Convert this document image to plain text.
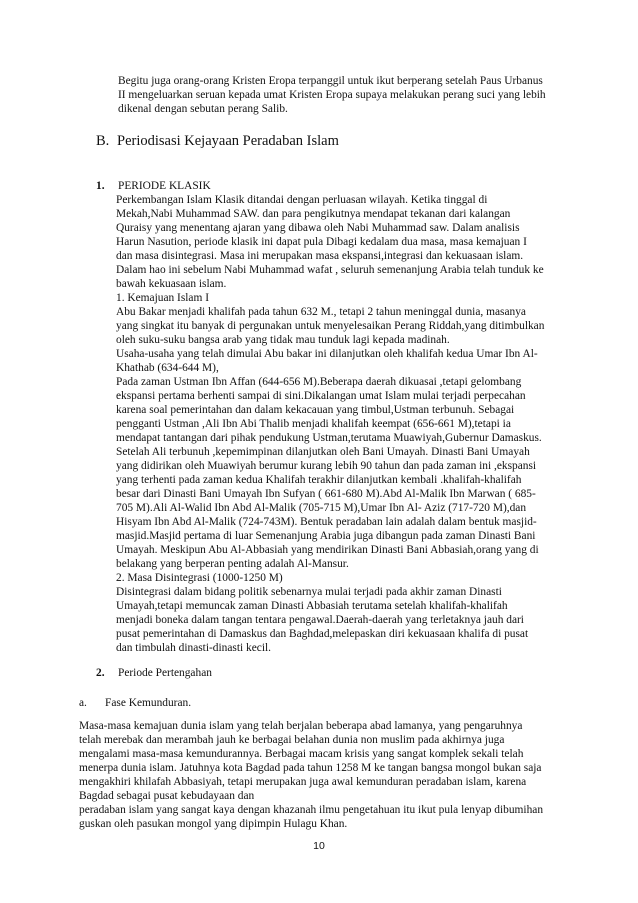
Begitu juga orang-orang Kristen Eropa terpanggil untuk ikut berperang setelah Paus Urbanus
II mengeluarkan seruan kepada umat Kristen Eropa supaya melakukan perang suci yang lebih
dikenal dengan sebutan perang Salib.
B. Periodisasi Kejayaan Peradaban Islam
1. PERIODE KLASIK
Perkembangan Islam Klasik ditandai dengan perluasan wilayah. Ketika tinggal di
Mekah,Nabi Muhammad SAW. dan para pengikutnya mendapat tekanan dari kalangan
Quraisy yang menentang ajaran yang dibawa oleh Nabi Muhammad saw. Dalam analisis
Harun Nasution, periode klasik ini dapat pula Dibagi kedalam dua masa, masa kemajuan I
dan masa disintegrasi. Masa ini merupakan masa ekspansi,integrasi dan kekuasaan islam.
Dalam hao ini sebelum Nabi Muhammad wafat , seluruh semenanjung Arabia telah tunduk ke
bawah kekuasaan islam.
1. Kemajuan Islam I
Abu Bakar menjadi khalifah pada tahun 632 M., tetapi 2 tahun meninggal dunia, masanya
yang singkat itu banyak di pergunakan untuk menyelesaikan Perang Riddah,yang ditimbulkan
oleh suku-suku bangsa arab yang tidak mau tunduk lagi kepada madinah.
Usaha-usaha yang telah dimulai Abu bakar ini dilanjutkan oleh khalifah kedua Umar Ibn Al-
Khathab (634-644 M),
Pada zaman Ustman Ibn Affan (644-656 M).Beberapa daerah dikuasai ,tetapi gelombang
ekspansi pertama berhenti sampai di sini.Dikalangan umat Islam mulai terjadi perpecahan
karena soal pemerintahan dan dalam kekacauan yang timbul,Ustman terbunuh. Sebagai
pengganti Ustman ,Ali Ibn Abi Thalib menjadi khalifah keempat (656-661 M),tetapi ia
mendapat tantangan dari pihak pendukung Ustman,terutama Muawiyah,Gubernur Damaskus.
Setelah Ali terbunuh ,kepemimpinan dilanjutkan oleh Bani Umayah. Dinasti Bani Umayah
yang didirikan oleh Muawiyah berumur kurang lebih 90 tahun dan pada zaman ini ,ekspansi
yang terhenti pada zaman kedua Khalifah terakhir dilanjutkan kembali .khalifah-khalifah
besar dari Dinasti Bani Umayah Ibn Sufyan ( 661-680 M).Abd Al-Malik Ibn Marwan ( 685-
705 M).Ali Al-Walid Ibn Abd Al-Malik (705-715 M),Umar Ibn Al- Aziz (717-720 M),dan
Hisyam Ibn Abd Al-Malik (724-743M). Bentuk peradaban lain adalah dalam bentuk masjid-
masjid.Masjid pertama di luar Semenanjung Arabia juga dibangun pada zaman Dinasti Bani
Umayah. Meskipun Abu Al-Abbasiah yang mendirikan Dinasti Bani Abbasiah,orang yang di
belakang yang berperan penting adalah Al-Mansur.
2. Masa Disintegrasi (1000-1250 M)
Disintegrasi dalam bidang politik sebenarnya mulai terjadi pada akhir zaman Dinasti
Umayah,tetapi memuncak zaman Dinasti Abbasiah terutama setelah khalifah-khalifah
menjadi boneka dalam tangan tentara pengawal.Daerah-daerah yang terletaknya jauh dari
pusat pemerintahan di Damaskus dan Baghdad,melepaskan diri kekuasaan khalifa di pusat
dan timbulah dinasti-dinasti kecil.
2. Periode Pertengahan
a. Fase Kemunduran.
Masa-masa kemajuan dunia islam yang telah berjalan beberapa abad lamanya, yang pengaruhnya
telah merebak dan merambah jauh ke berbagai belahan dunia non muslim pada akhirnya juga
mengalami masa-masa kemundurannya. Berbagai macam krisis yang sangat komplek sekali telah
menerpa dunia islam. Jatuhnya kota Bagdad pada tahun 1258 M ke tangan bangsa mongol bukan saja
mengakhiri khilafah Abbasiyah, tetapi merupakan juga awal kemunduran peradaban islam, karena
Bagdad sebagai pusat kebudayaan dan
peradaban islam yang sangat kaya dengan khazanah ilmu pengetahuan itu ikut pula lenyap dibumihan
guskan oleh pasukan mongol yang dipimpin Hulagu Khan.
10
